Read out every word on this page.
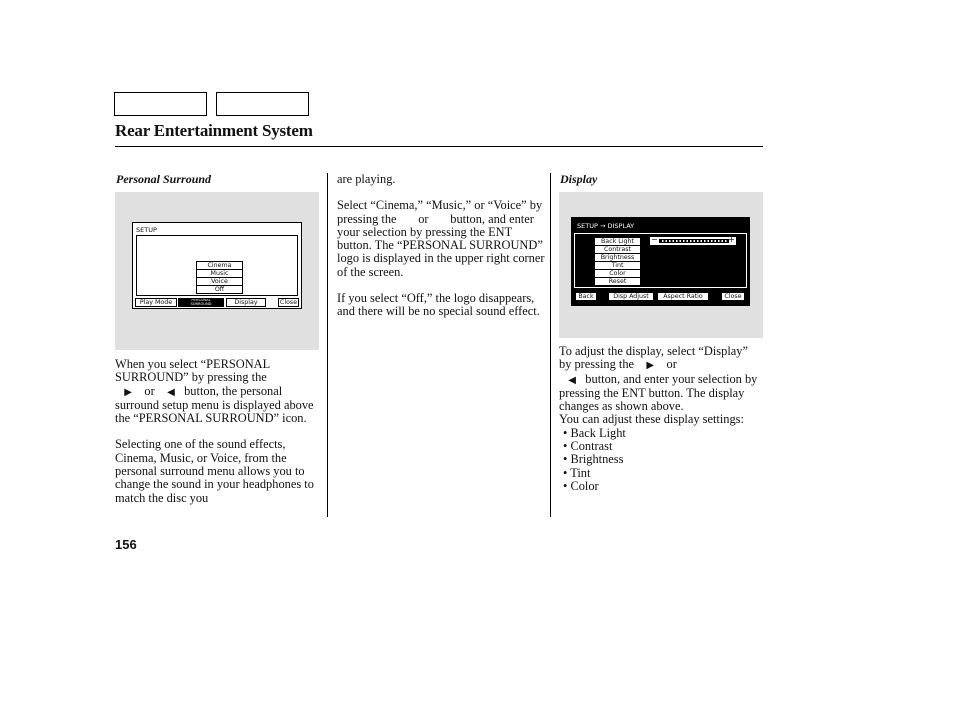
Rear Entertainment System
Personal Surround	Display
SETUP
Cinema
Music
Voice
Off
Play Mode	PERSONAL
SURROUND	Display	Close
SETUP → DISPLAY
Back Light
Contrast
Brightness
Tint
Color
Reset
−	+
Back	Disp Adjust	Aspect Ratio	Close

When you select “PERSONAL SURROUND” by pressing the
▶ or ◀ button, the personal surround setup menu is displayed above the “PERSONAL SURROUND” icon.

Selecting one of the sound effects, Cinema, Music, or Voice, from the personal surround menu allows you to change the sound in your headphones to match the disc you

are playing.

Select “Cinema,” “Music,” or “Voice” by pressing the or button, and enter your selection by pressing the ENT button. The “PERSONAL SURROUND” logo is displayed in the upper right corner of the screen.

If you select “Off,” the logo disappears, and there will be no special sound effect.

To adjust the display, select “Display” by pressing the ▶ or
◀ button, and enter your selection by pressing the ENT button. The display changes as shown above.

You can adjust these display settings:

• Back Light
• Contrast
• Brightness
• Tint
• Color
156
